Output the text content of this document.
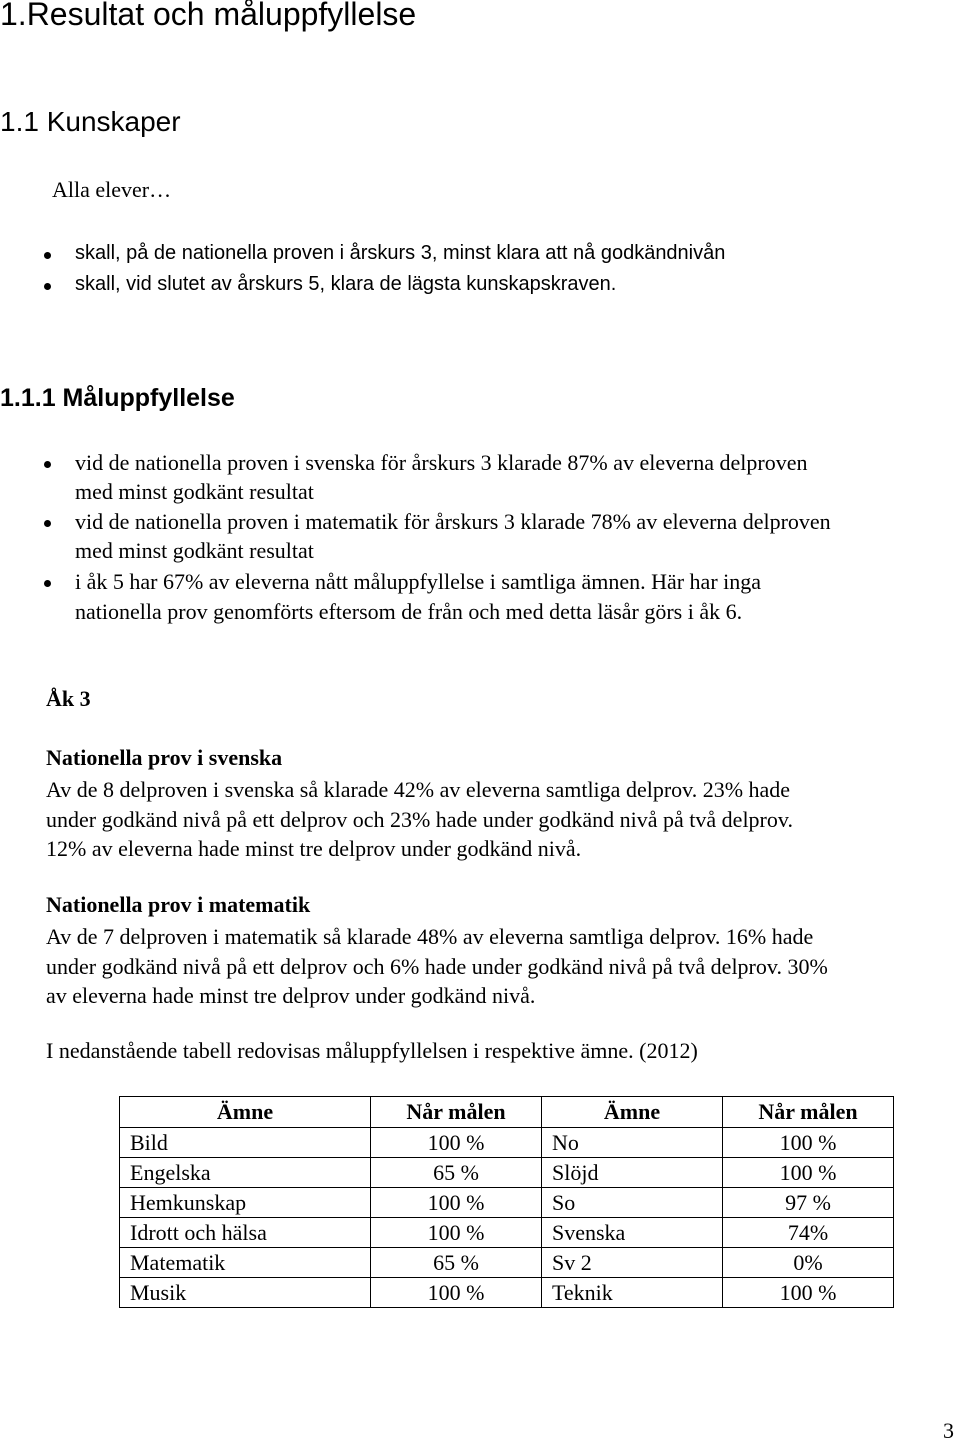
1.Resultat och måluppfyllelse
1.1 Kunskaper
Alla elever…
skall, på de nationella proven i årskurs 3, minst klara att nå godkändnivån
skall, vid slutet av årskurs 5, klara de lägsta kunskapskraven.
1.1.1 Måluppfyllelse
vid de nationella proven i svenska för årskurs 3 klarade 87% av eleverna delproven
med minst godkänt resultat
vid de nationella proven i matematik för årskurs 3 klarade 78% av eleverna delproven
med minst godkänt resultat
i åk 5 har 67% av eleverna nått måluppfyllelse i samtliga ämnen. Här har inga
nationella prov genomförts eftersom de från och med detta läsår görs i åk 6.
Åk 3
Nationella prov i svenska
Av de 8 delproven i svenska så klarade 42% av eleverna samtliga delprov. 23% hade
under godkänd nivå på ett delprov och 23% hade under godkänd nivå på två delprov.
12% av eleverna hade minst tre delprov under godkänd nivå.
Nationella prov i matematik
Av de 7 delproven i matematik så klarade 48% av eleverna samtliga delprov. 16% hade
under godkänd nivå på ett delprov och 6% hade under godkänd nivå på två delprov. 30%
av eleverna hade minst tre delprov under godkänd nivå.
I nedanstående tabell redovisas måluppfyllelsen i respektive ämne. (2012)
Ämne	Når målen	Ämne	Når målen
Bild	100 %	No	100 %
Engelska	65 %	Slöjd	100 %
Hemkunskap	100 %	So	97 %
Idrott och hälsa	100 %	Svenska	74%
Matematik	65 %	Sv 2	0%
Musik	100 %	Teknik	100 %
3
